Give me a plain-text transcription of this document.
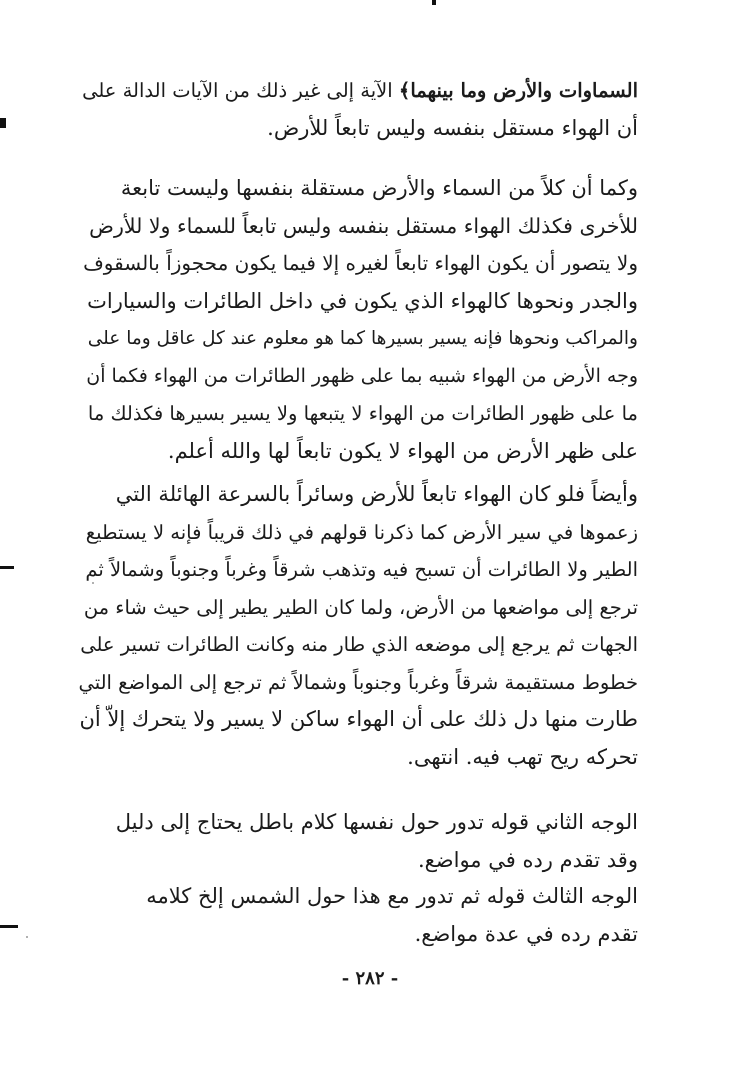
السماوات والأرض وما بينهما﴾ الآية إلى غير ذلك من الآيات الدالة على
أن الهواء مستقل بنفسه وليس تابعاً للأرض.
وكما أن كلاً من السماء والأرض مستقلة بنفسها وليست تابعة
للأخرى فكذلك الهواء مستقل بنفسه وليس تابعاً للسماء ولا للأرض
ولا يتصور أن يكون الهواء تابعاً لغيره إلا فيما يكون محجوزاً بالسقوف
والجدر ونحوها كالهواء الذي يكون في داخل الطائرات والسيارات
والمراكب ونحوها فإنه يسير بسيرها كما هو معلوم عند كل عاقل وما على
وجه الأرض من الهواء شبيه بما على ظهور الطائرات من الهواء فكما أن
ما على ظهور الطائرات من الهواء لا يتبعها ولا يسير بسيرها فكذلك ما
على ظهر الأرض من الهواء لا يكون تابعاً لها والله أعلم.
وأيضاً فلو كان الهواء تابعاً للأرض وسائراً بالسرعة الهائلة التي
زعموها في سير الأرض كما ذكرنا قولهم في ذلك قريباً فإنه لا يستطيع
الطير ولا الطائرات أن تسبح فيه وتذهب شرقاً وغرباً وجنوباً وشمالاً ثم
ترجع إلى مواضعها من الأرض، ولما كان الطير يطير إلى حيث شاء من
الجهات ثم يرجع إلى موضعه الذي طار منه وكانت الطائرات تسير على
خطوط مستقيمة شرقاً وغرباً وجنوباً وشمالاً ثم ترجع إلى المواضع التي
طارت منها دل ذلك على أن الهواء ساكن لا يسير ولا يتحرك إلاّ أن
تحركه ريح تهب فيه. انتهى.
الوجه الثاني قوله تدور حول نفسها كلام باطل يحتاج إلى دليل
وقد تقدم رده في مواضع.
الوجه الثالث قوله ثم تدور مع هذا حول الشمس إلخ كلامه
تقدم رده في عدة مواضع.
- ٢٨٢ -
